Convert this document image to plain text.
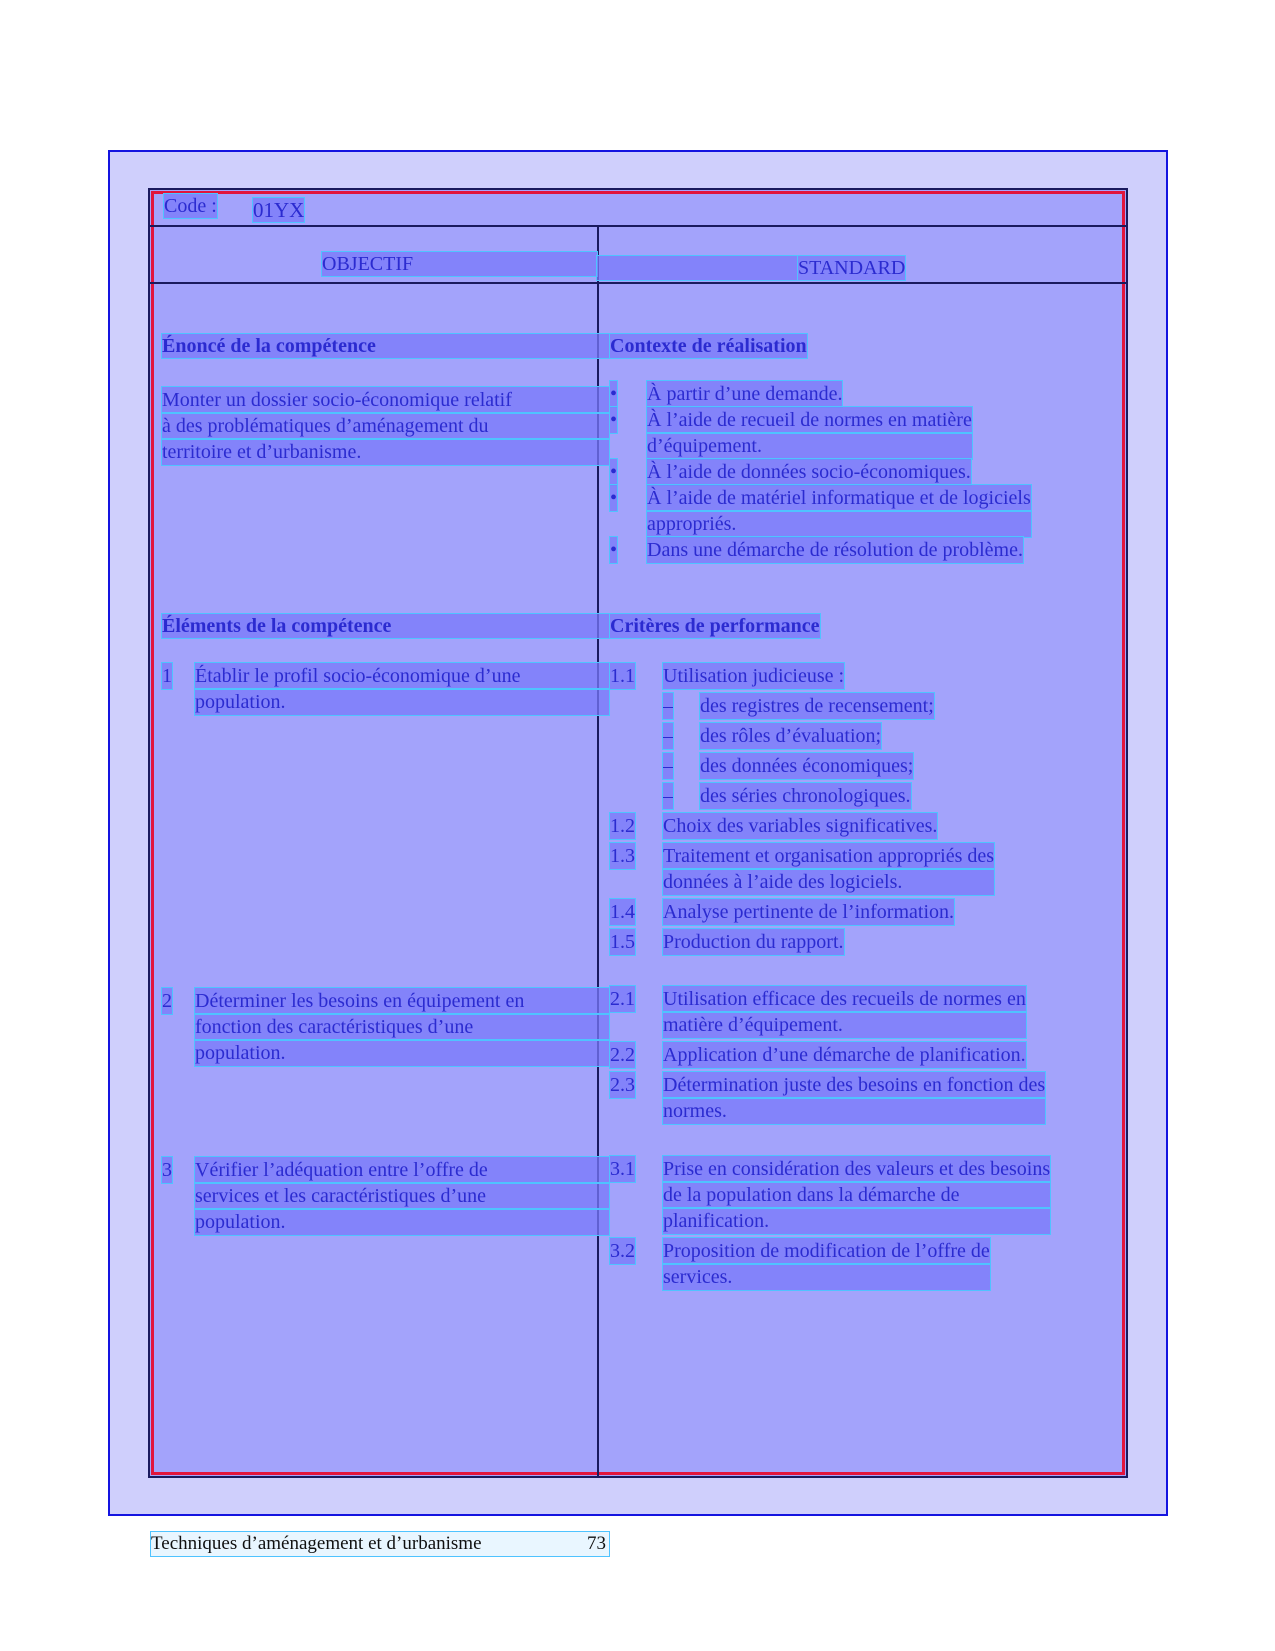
Code : 01YX
OBJECTIF	STANDARD
Énoncé de la compétence
Monter un dossier socio-économique relatif
à des problématiques d’aménagement du
territoire et d’urbanisme.
Éléments de la compétence
1 Établir le profil socio-économique d’une
population.
2 Déterminer les besoins en équipement en
fonction des caractéristiques d’une
population.
3 Vérifier l’adéquation entre l’offre de
services et les caractéristiques d’une
population.
Contexte de réalisation
• À partir d’une demande.
• À l’aide de recueil de normes en matière
d’équipement.
• À l’aide de données socio-économiques.
• À l’aide de matériel informatique et de logiciels
appropriés.
• Dans une démarche de résolution de problème.
Critères de performance
1.1 Utilisation judicieuse :
– des registres de recensement;
– des rôles d’évaluation;
– des données économiques;
– des séries chronologiques.
1.2 Choix des variables significatives.
1.3 Traitement et organisation appropriés des
données à l’aide des logiciels.
1.4 Analyse pertinente de l’information.
1.5 Production du rapport.
2.1 Utilisation efficace des recueils de normes en
matière d’équipement.
2.2 Application d’une démarche de planification.
2.3 Détermination juste des besoins en fonction des
normes.
3.1 Prise en considération des valeurs et des besoins
de la population dans la démarche de
planification.
3.2 Proposition de modification de l’offre de
services.
Techniques d’aménagement et d’urbanisme	73
